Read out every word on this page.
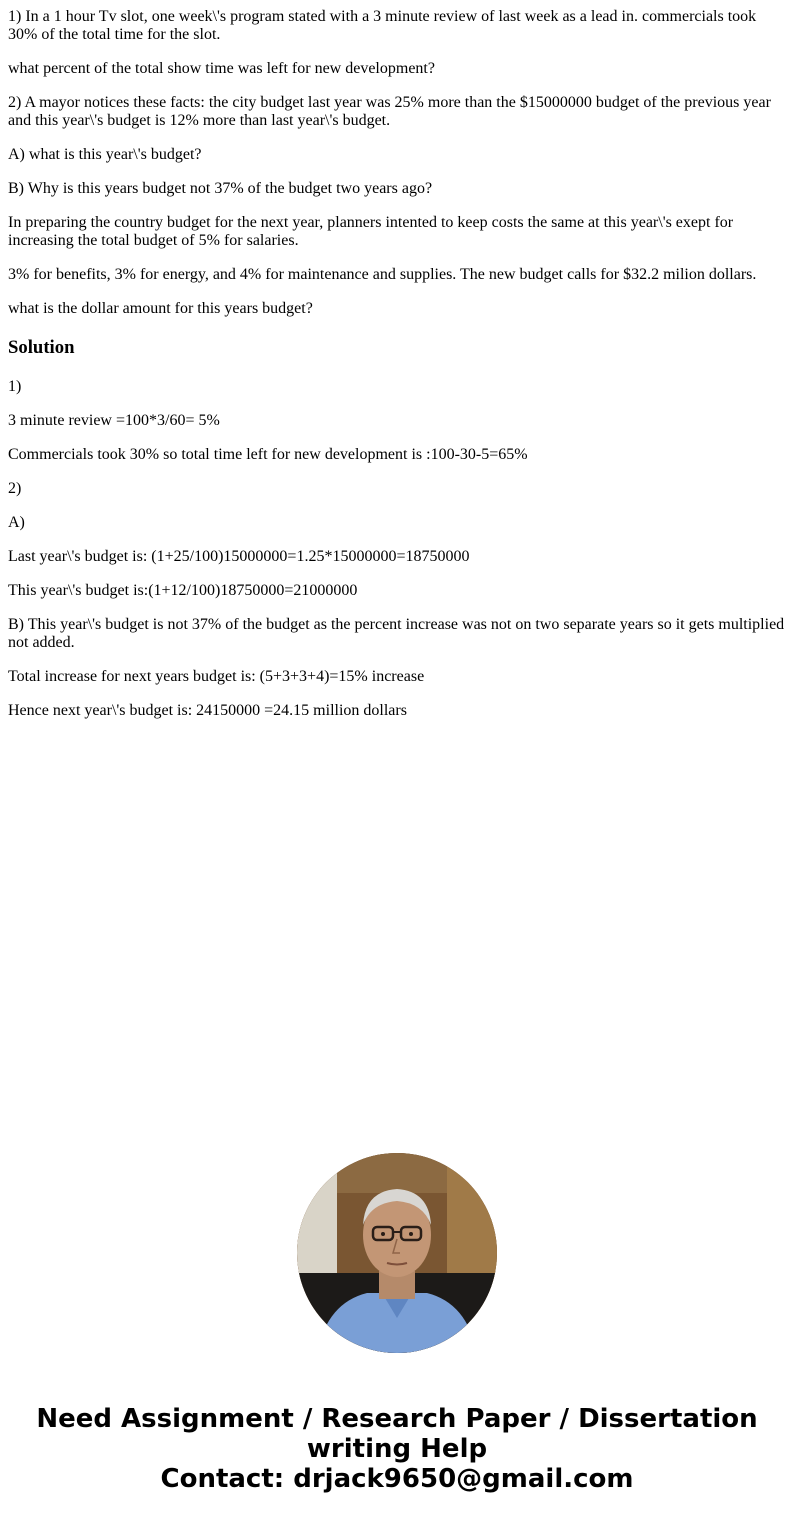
1) In a 1 hour Tv slot, one week\'s program stated with a 3 minute review of last week as a lead in. commercials took 30% of the total time for the slot.

what percent of the total show time was left for new development?

2) A mayor notices these facts: the city budget last year was 25% more than the $15000000 budget of the previous year and this year\'s budget is 12% more than last year\'s budget.

A) what is this year\'s budget?

B) Why is this years budget not 37% of the budget two years ago?

In preparing the country budget for the next year, planners intented to keep costs the same at this year\'s exept for increasing the total budget of 5% for salaries.

3% for benefits, 3% for energy, and 4% for maintenance and supplies. The new budget calls for $32.2 milion dollars.

what is the dollar amount for this years budget?

Solution

1)

3 minute review =100*3/60= 5%

Commercials took 30% so total time left for new development is :100-30-5=65%

2)

A)

Last year\'s budget is: (1+25/100)15000000=1.25*15000000=18750000

This year\'s budget is:(1+12/100)18750000=21000000

B) This year\'s budget is not 37% of the budget as the percent increase was not on two separate years so it gets multiplied not added.

Total increase for next years budget is: (5+3+3+4)=15% increase

Hence next year\'s budget is: 24150000 =24.15 million dollars

Need Assignment / Research Paper / Dissertation
writing Help
Contact: drjack9650@gmail.com
